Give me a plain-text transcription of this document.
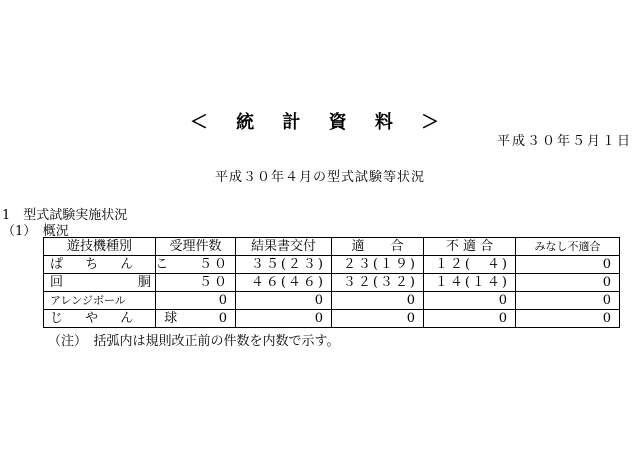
＜ 統 計 資 料 ＞
平成３０年５月１日
平成３０年４月の型式試験等状況
1　型式試験実施状況
（1）　概況
遊技機種別	受理件数	結果書交付	適　　合	不 適 合	みなし不適合
ぱ ち ん こ	５０	３５(２３)	２３(１９)	１２(　４)	0
回　　　胴	５０	４６(４６)	３２(３２)	１４(１４)	0
アレンジボール	0	0	0	0	0
じ や ん　球	0	0	0	0	0
（注）　括弧内は規則改正前の件数を内数で示す。
